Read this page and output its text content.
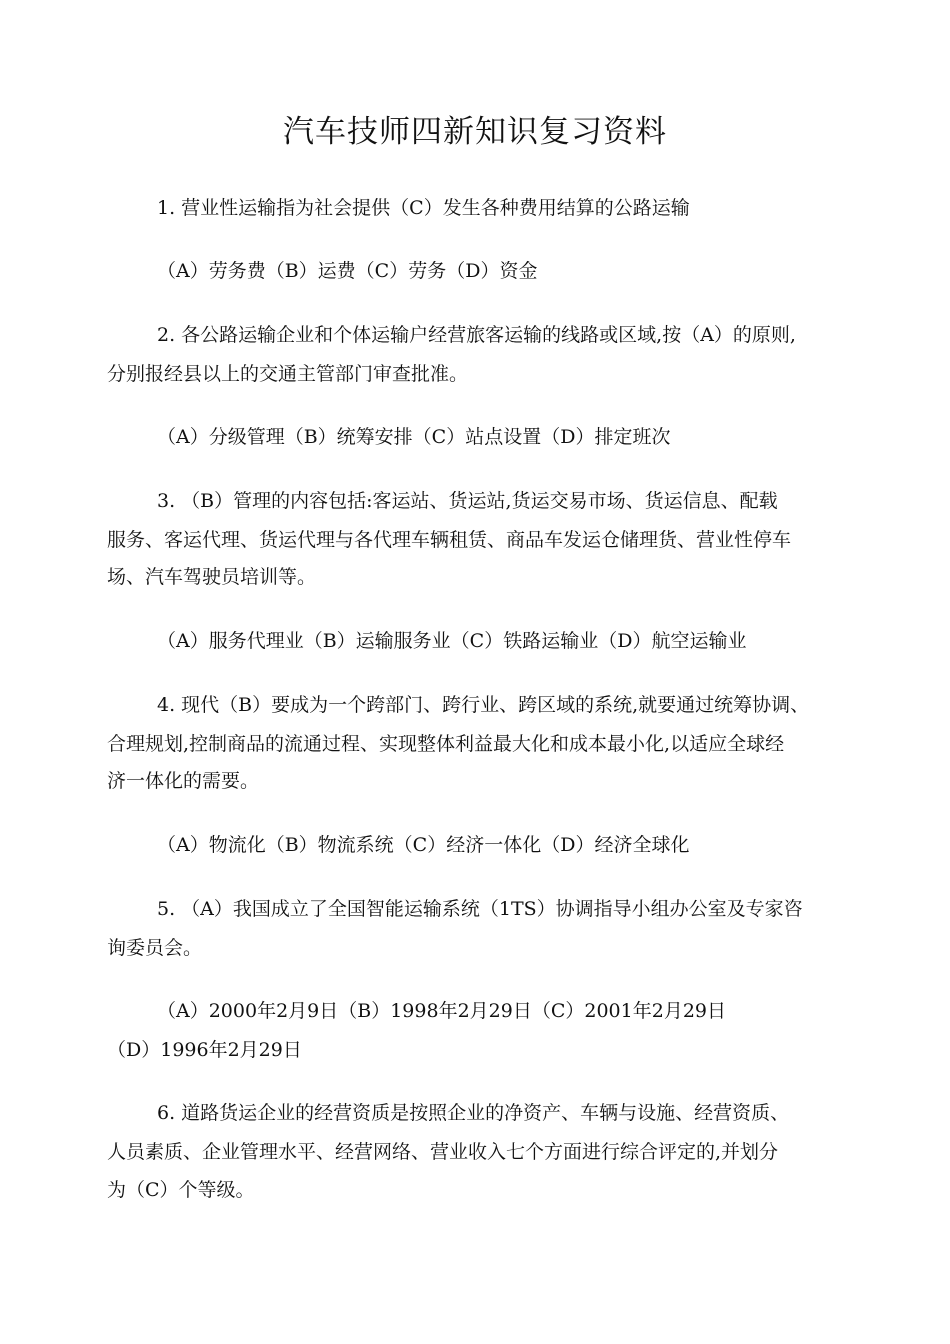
汽车技师四新知识复习资料
1. 营业性运输指为社会提供（C）发生各种费用结算的公路运输
（A）劳务费（B）运费（C）劳务（D）资金
2. 各公路运输企业和个体运输户经营旅客运输的线路或区域,按（A）的原则,
分别报经县以上的交通主管部门审查批准。
（A）分级管理（B）统筹安排（C）站点设置（D）排定班次
3. （B）管理的内容包括:客运站、货运站,货运交易市场、货运信息、配载
服务、客运代理、货运代理与各代理车辆租赁、商品车发运仓储理货、营业性停车
场、汽车驾驶员培训等。
（A）服务代理业（B）运输服务业（C）铁路运输业（D）航空运输业
4. 现代（B）要成为一个跨部门、跨行业、跨区域的系统,就要通过统筹协调、
合理规划,控制商品的流通过程、实现整体利益最大化和成本最小化,以适应全球经
济一体化的需要。
（A）物流化（B）物流系统（C）经济一体化（D）经济全球化
5. （A）我国成立了全国智能运输系统（1TS）协调指导小组办公室及专家咨
询委员会。
（A）2000年2月9日（B）1998年2月29日（C）2001年2月29日
（D）1996年2月29日
6. 道路货运企业的经营资质是按照企业的净资产、车辆与设施、经营资质、
人员素质、企业管理水平、经营网络、营业收入七个方面进行综合评定的,并划分
为（C）个等级。
